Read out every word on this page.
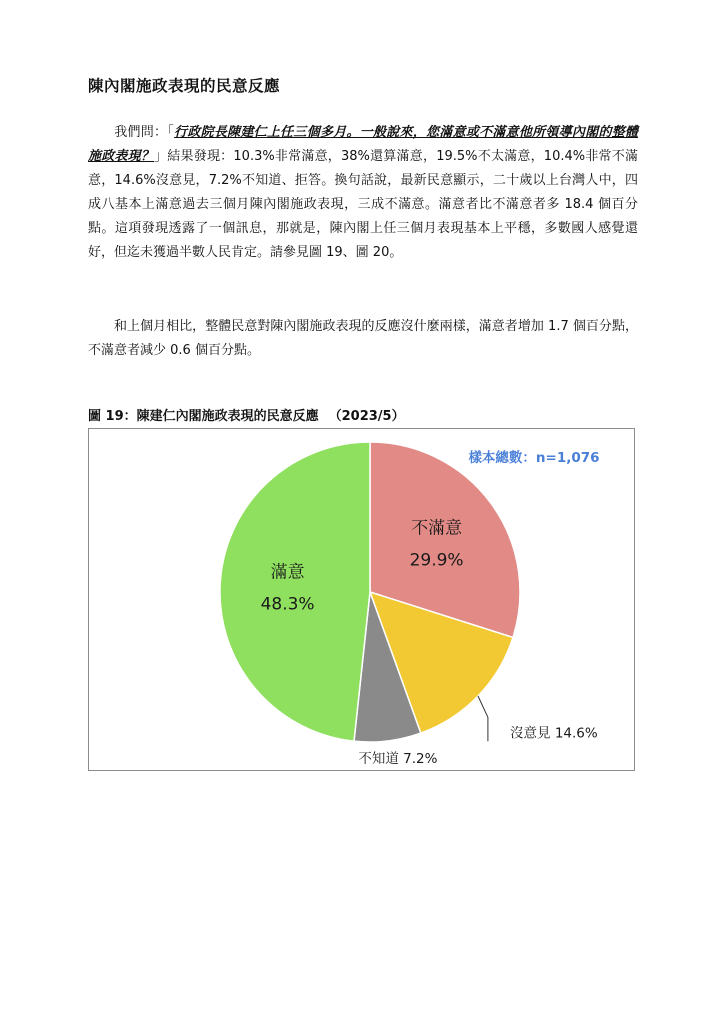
陳內閣施政表現的民意反應
我們問：「行政院長陳建仁上任三個多月。一般說來，您滿意或不滿意他所領導內閣的整體施政表現？」結果發現：10.3%非常滿意，38%還算滿意，19.5%不太滿意，10.4%非常不滿意，14.6%沒意見，7.2%不知道、拒答。換句話說，最新民意顯示，二十歲以上台灣人中，四成八基本上滿意過去三個月陳內閣施政表現，三成不滿意。滿意者比不滿意者多 18.4 個百分點。這項發現透露了一個訊息，那就是，陳內閣上任三個月表現基本上平穩，多數國人感覺還好，但迄未獲過半數人民肯定。請參見圖 19、圖 20。
和上個月相比，整體民意對陳內閣施政表現的反應沒什麼兩樣，滿意者增加 1.7 個百分點，不滿意者減少 0.6 個百分點。
圖 19：陳建仁內閣施政表現的民意反應 （2023/5）
不滿意
29.9%
滿意
48.3%
沒意見 14.6%
不知道 7.2%
樣本總數：n=1,076
